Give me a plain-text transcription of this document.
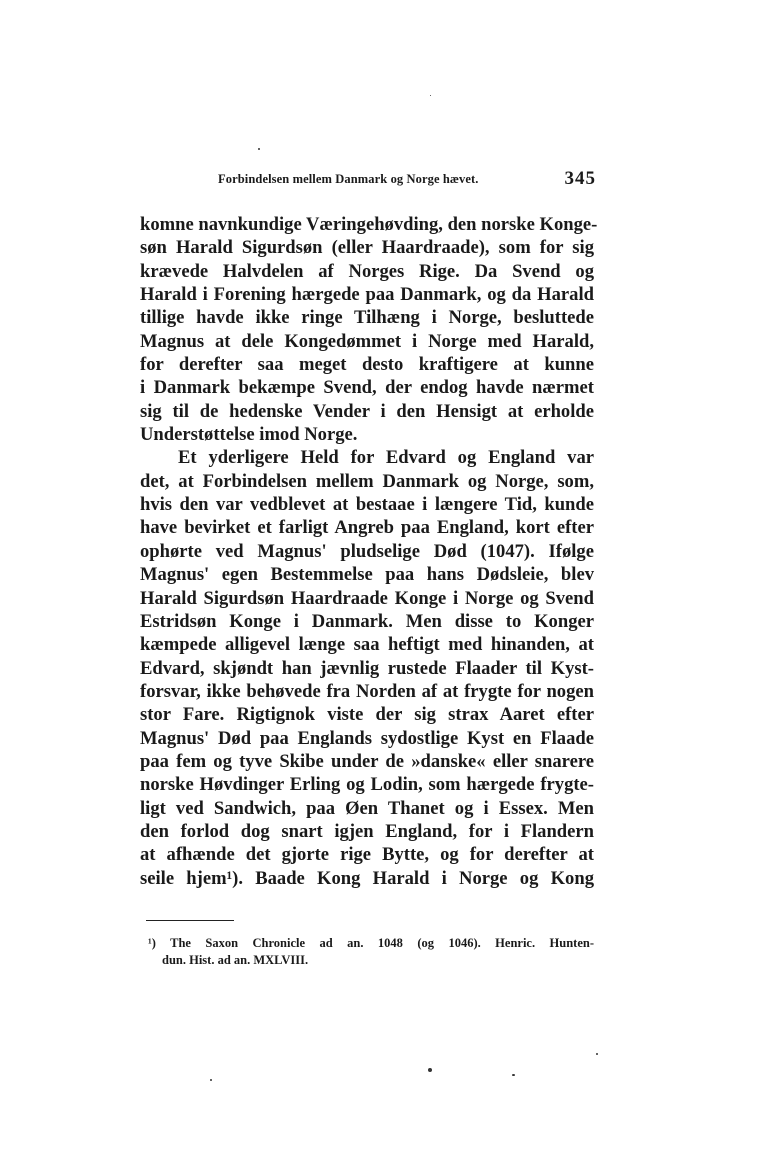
Forbindelsen mellem Danmark og Norge hævet.	345
komne navnkundige Væringehøvding, den norske Konge-
søn Harald Sigurdsøn (eller Haardraade), som for sig
krævede Halvdelen af Norges Rige. Da Svend og
Harald i Forening hærgede paa Danmark, og da Harald
tillige havde ikke ringe Tilhæng i Norge, besluttede
Magnus at dele Kongedømmet i Norge med Harald,
for derefter saa meget desto kraftigere at kunne
i Danmark bekæmpe Svend, der endog havde nærmet
sig til de hedenske Vender i den Hensigt at erholde
Understøttelse imod Norge.
Et yderligere Held for Edvard og England var
det, at Forbindelsen mellem Danmark og Norge, som,
hvis den var vedblevet at bestaae i længere Tid, kunde
have bevirket et farligt Angreb paa England, kort efter
ophørte ved Magnus' pludselige Død (1047). Ifølge
Magnus' egen Bestemmelse paa hans Dødsleie, blev
Harald Sigurdsøn Haardraade Konge i Norge og Svend
Estridsøn Konge i Danmark. Men disse to Konger
kæmpede alligevel længe saa heftigt med hinanden, at
Edvard, skjøndt han jævnlig rustede Flaader til Kyst-
forsvar, ikke behøvede fra Norden af at frygte for nogen
stor Fare. Rigtignok viste der sig strax Aaret efter
Magnus' Død paa Englands sydostlige Kyst en Flaade
paa fem og tyve Skibe under de »danske« eller snarere
norske Høvdinger Erling og Lodin, som hærgede frygte-
ligt ved Sandwich, paa Øen Thanet og i Essex. Men
den forlod dog snart igjen England, for i Flandern
at afhænde det gjorte rige Bytte, og for derefter at
seile hjem¹). Baade Kong Harald i Norge og Kong
¹) The Saxon Chronicle ad an. 1048 (og 1046). Henric. Hunten-
dun. Hist. ad an. MXLVIII.
